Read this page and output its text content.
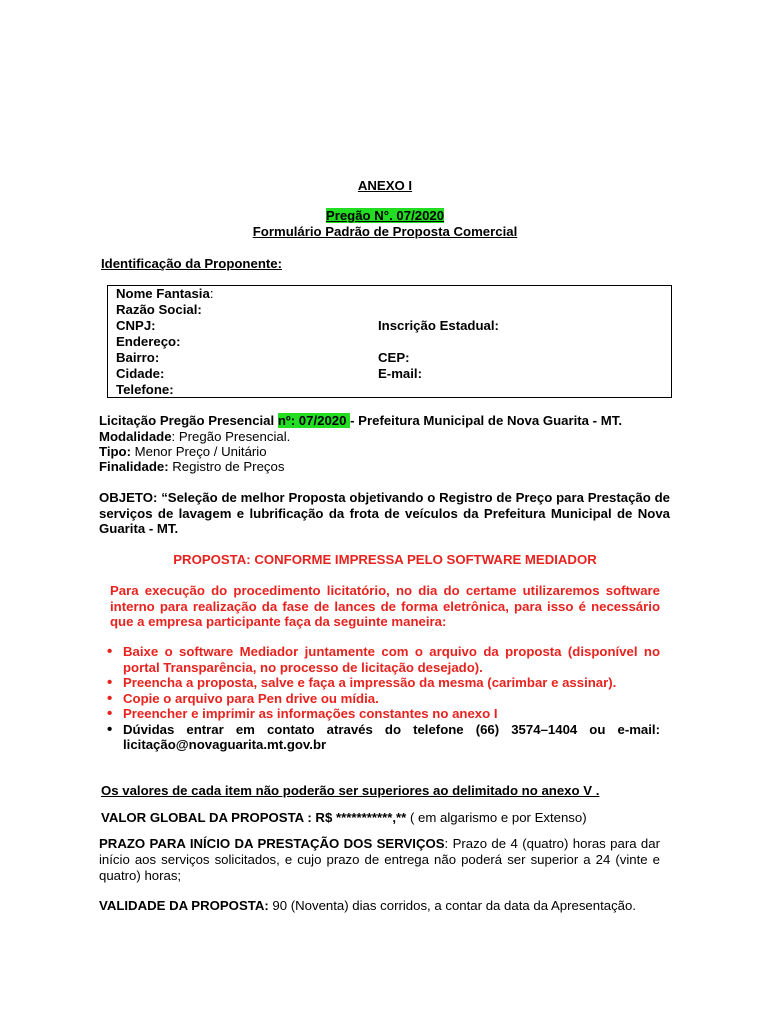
ANEXO I
Pregão N°. 07/2020
Formulário Padrão de Proposta Comercial
Identificação da Proponente:
Nome Fantasia:
Razão Social:
CNPJ:	Inscrição Estadual:
Endereço:
Bairro:	CEP:
Cidade:	E-mail:
Telefone:
Licitação Pregão Presencial nº: 07/2020 - Prefeitura Municipal de Nova Guarita - MT.
Modalidade: Pregão Presencial.
Tipo: Menor Preço / Unitário
Finalidade: Registro de Preços
OBJETO: “Seleção de melhor Proposta objetivando o Registro de Preço para Prestação de serviços de lavagem e lubrificação da frota de veículos da Prefeitura Municipal de Nova Guarita - MT.
PROPOSTA: CONFORME IMPRESSA PELO SOFTWARE MEDIADOR
Para execução do procedimento licitatório, no dia do certame utilizaremos software interno para realização da fase de lances de forma eletrônica, para isso é necessário que a empresa participante faça da seguinte maneira:
• Baixe o software Mediador juntamente com o arquivo da proposta (disponível no portal Transparência, no processo de licitação desejado).
• Preencha a proposta, salve e faça a impressão da mesma (carimbar e assinar).
• Copie o arquivo para Pen drive ou mídia.
• Preencher e imprimir as informações constantes no anexo I
• Dúvidas entrar em contato através do telefone (66) 3574–1404 ou e-mail: licitação@novaguarita.mt.gov.br
Os valores de cada item não poderão ser superiores ao delimitado no anexo V .
VALOR GLOBAL DA PROPOSTA : R$ ***********,** ( em algarismo e por Extenso)
PRAZO PARA INÍCIO DA PRESTAÇÃO DOS SERVIÇOS: Prazo de 4 (quatro) horas para dar início aos serviços solicitados, e cujo prazo de entrega não poderá ser superior a 24 (vinte e quatro) horas;
VALIDADE DA PROPOSTA: 90 (Noventa) dias corridos, a contar da data da Apresentação.
